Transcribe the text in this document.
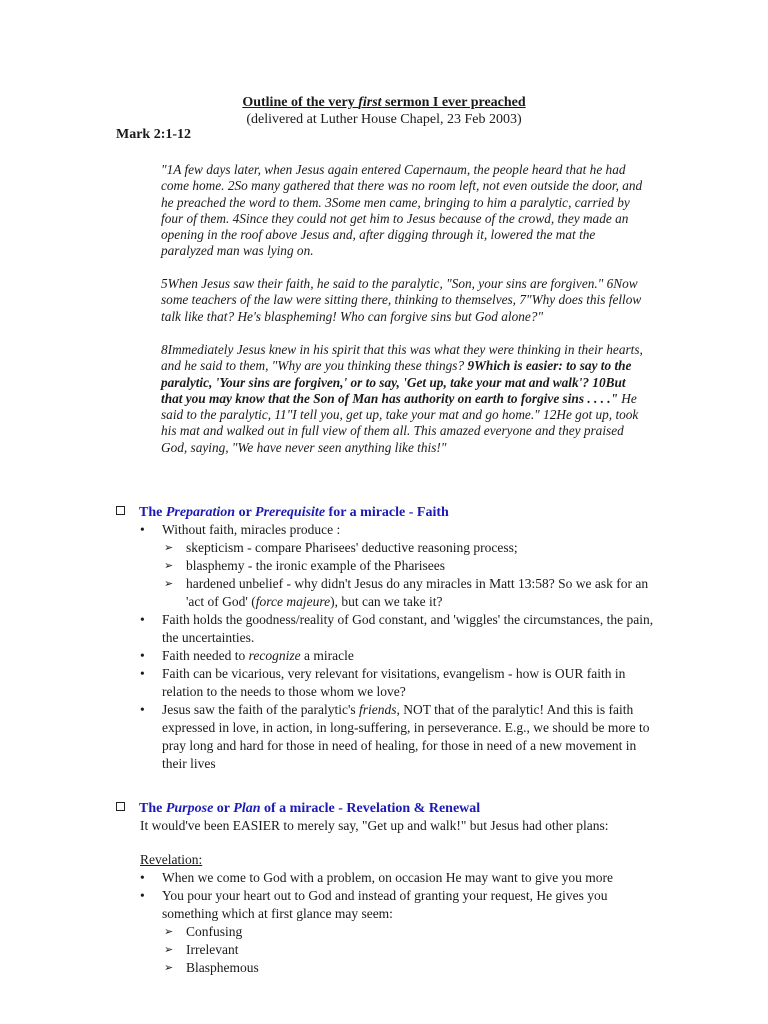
Outline of the very first sermon I ever preached
(delivered at Luther House Chapel, 23 Feb 2003)
Mark 2:1-12
"1A few days later, when Jesus again entered Capernaum, the people heard that he had come home. 2So many gathered that there was no room left, not even outside the door, and he preached the word to them. 3Some men came, bringing to him a paralytic, carried by four of them. 4Since they could not get him to Jesus because of the crowd, they made an opening in the roof above Jesus and, after digging through it, lowered the mat the paralyzed man was lying on.
5When Jesus saw their faith, he said to the paralytic, "Son, your sins are forgiven." 6Now some teachers of the law were sitting there, thinking to themselves, 7"Why does this fellow talk like that? He's blaspheming! Who can forgive sins but God alone?"
8Immediately Jesus knew in his spirit that this was what they were thinking in their hearts, and he said to them, "Why are you thinking these things? 9Which is easier: to say to the paralytic, 'Your sins are forgiven,' or to say, 'Get up, take your mat and walk'? 10But that you may know that the Son of Man has authority on earth to forgive sins . . . ." He said to the paralytic, 11"I tell you, get up, take your mat and go home." 12He got up, took his mat and walked out in full view of them all. This amazed everyone and they praised God, saying, "We have never seen anything like this!"
The Preparation or Prerequisite for a miracle - Faith
• Without faith, miracles produce :
➢ skepticism - compare Pharisees' deductive reasoning process;
➢ blasphemy - the ironic example of the Pharisees
➢ hardened unbelief - why didn't Jesus do any miracles in Matt 13:58? So we ask for an 'act of God' (force majeure), but can we take it?
• Faith holds the goodness/reality of God constant, and 'wiggles' the circumstances, the pain, the uncertainties.
• Faith needed to recognize a miracle
• Faith can be vicarious, very relevant for visitations, evangelism - how is OUR faith in relation to the needs to those whom we love?
• Jesus saw the faith of the paralytic's friends, NOT that of the paralytic! And this is faith expressed in love, in action, in long-suffering, in perseverance. E.g., we should be more to pray long and hard for those in need of healing, for those in need of a new movement in their lives
The Purpose or Plan of a miracle - Revelation & Renewal
It would've been EASIER to merely say, "Get up and walk!" but Jesus had other plans:
Revelation:
• When we come to God with a problem, on occasion He may want to give you more
• You pour your heart out to God and instead of granting your request, He gives you something which at first glance may seem:
➢ Confusing
➢ Irrelevant
➢ Blasphemous
